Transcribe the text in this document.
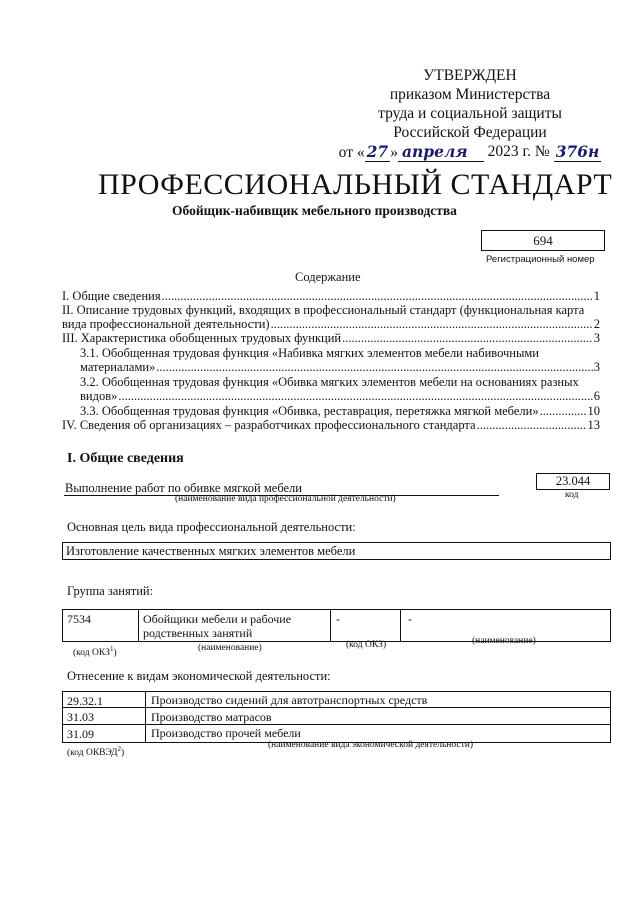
УТВЕРЖДЕН
приказом Министерства
труда и социальной защиты
Российской Федерации
от « 27 » апреля	2023 г. № 376н
ПРОФЕССИОНАЛЬНЫЙ СТАНДАРТ
Обойщик-набивщик мебельного производства
694
Регистрационный номер
Содержание
I. Общие сведения .....	1
II. Описание трудовых функций, входящих в профессиональный стандарт (функциональная карта
вида профессиональной деятельности) .....	2
III. Характеристика обобщенных трудовых функций .....	3
3.1. Обобщенная трудовая функция «Набивка мягких элементов мебели набивочными
материалами» .....	3
3.2. Обобщенная трудовая функция «Обивка мягких элементов мебели на основаниях разных
видов» .....	6
3.3. Обобщенная трудовая функция «Обивка, реставрация, перетяжка мягкой мебели» .....	10
IV. Сведения об организациях – разработчиках профессионального стандарта .....	13
I. Общие сведения
Выполнение работ по обивке мягкой мебели
(наименование вида профессиональной деятельности)
23.044
код
Основная цель вида профессиональной деятельности:
Изготовление качественных мягких элементов мебели
Группа занятий:
7534	Обойщики мебели и рабочие
родственных занятий
-	-
(код ОКЗ$^1$)
(наименование)	(код ОКЗ)	(наименование)
Отнесение к видам экономической деятельности:
29.32.1	Производство сидений для автотранспортных средств
31.03	Производство матрасов
31.09	Производство прочей мебели
(код ОКВЭД$^2$)
(наименование вида экономической деятельности)
